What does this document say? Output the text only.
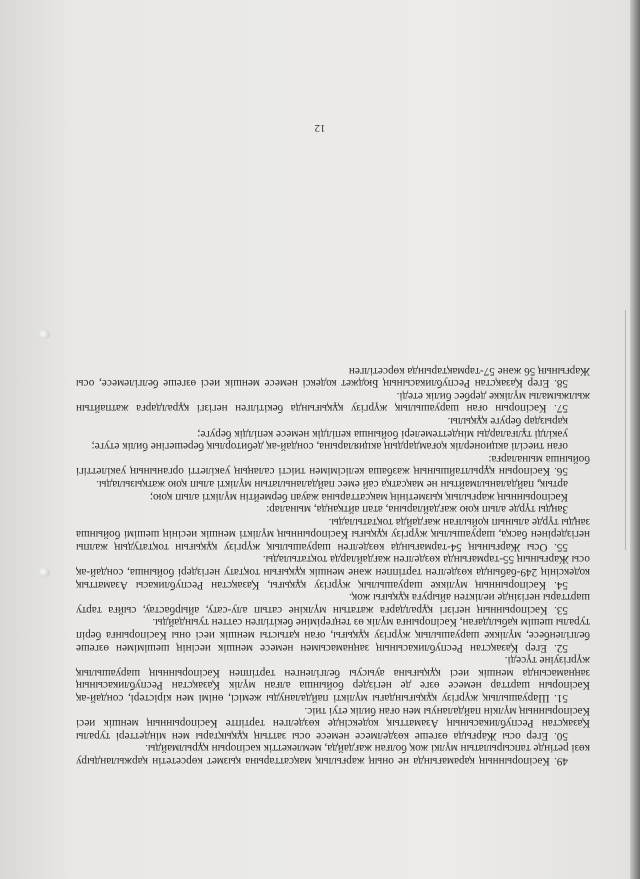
49. Кәсіпорынның қарамағында не оның жарғылық мақсаттарына қызмет көрсететін қаржыландыру көзі ретінде тапсырылатын мүлкі жоқ болған жағдайда, мемлекеттік кәсіпорын құрылмайды.

50. Егер осы Жарғыда өзгеше көзделмесе немесе осы заттың құқықтары мен міндеттері туралы Қазақстан Республикасының Азаматтық кодексінде көзделген тәртіпте Кәсіпорынның меншік иесі Кәсіпорынның мүлкін пайдалануы мен оған билік етуі тиіс.

51. Шаруашылық жүргізу құқығындағы мүлікті пайдалануды жемісі, өнімі мен кірістері, сондай-ақ Кәсіпорын шарттар немесе өзге де негіздер бойынша алған мүлік Қазақстан Республикасының заңнамасында меншік иесі құқығына ауысуы белгіленген тәртіппен Кәсіпорынның шаруашылық жүргізуіне түседі.

52. Егер Қазақстан Республикасының заңнамасымен немесе меншік иесінің шешімімен өзгеше белгіленбесе, мүлікке шаруашылық жүргізу құқығы, оған қатысты меншік иесі оны Кәсіпорынға беріп туралы шешім қабылдаған, Кәсіпорынға мүлік өз теңгеріміне бекітілген сәттен туындайды.

53. Кәсіпорынның негізгі құралдарға жататын мүлкіне сатып алу-сату, айырбастау, сыйға тарту шарттары негізінде иеліктен айыруға құқығы жоқ.

54. Кәсіпорынның мүлікке шаруашылық жүргізу құқығы, Қазақстан Республикасы Азаматтық кодексінің 249-бабында көзделген тәртіппен және меншік құқығын тоқтату негіздері бойынша, сондай-ақ осы Жарғының 55-тармағында көзделген жағдайларда тоқтатылады.

55. Осы Жарғының 54-тармағында көзделген шаруашылық жүргізу құқығын тоқтатудың жалпы негіздерінен басқа, шаруашылық жүргізу құқығы Кәсіпорынның мүлікті меншік иесінің шешімі бойынша заңды түрде алынып қойылған жағдайда тоқтатылады.

Заңды түрде алып қою жағдайларына, атап айтқанда, мыналар:

Кәсіпорынның жарғылық қызметінің мақсаттарына жауап бермейтін мүлікті алып қою;

артық, пайдаланылмайтын не мақсатқа сай емес пайдаланылатын мүлікті алып қою жатқызылады.

56. Кәсіпорын құрылтайшының жазбаша келісімімен тиісті салаңың уәкілетті органының уәкілеттігі бойынша мыналарға:

оған тиесілі акционерлік қоғамдардың акцияларына, сондай-ақ дебиторлық берешегіне билік етуге;

уәкілді тұлғаларды міндеттемелері бойынша кепілдік немесе кепілдік беруге;

қарыздар беруге құқылы.

57. Кәсіпорын оған шаруашылық жүргізу құқығында бекітілген негізгі құралдарға жатпайтын жылжымалы мүлікке дербес билік етеді.

58. Егер Қазақстан Республикасының Бюджет кодексі немесе меншік иесі өзгеше белгілемесе, осы Жарғының 56 және 57-тармақтарында көрсетілген

12
